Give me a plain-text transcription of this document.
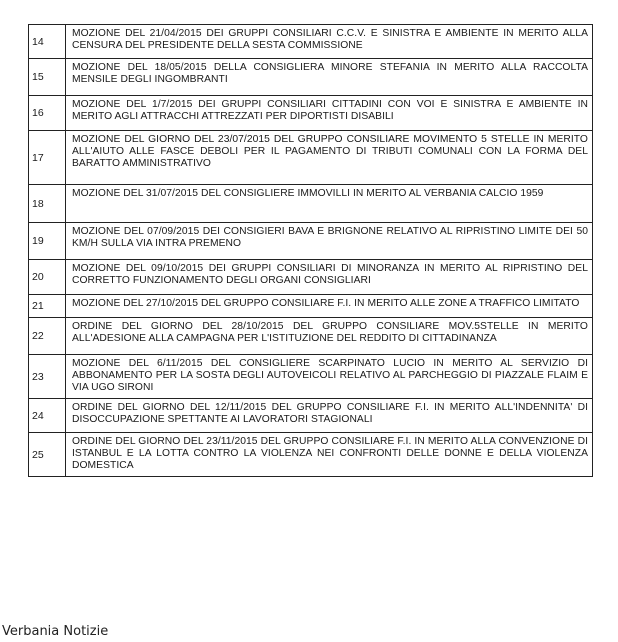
14	MOZIONE DEL 21/04/2015 DEI GRUPPI CONSILIARI C.C.V. E SINISTRA E AMBIENTE IN MERITO ALLA CENSURA DEL PRESIDENTE DELLA SESTA COMMISSIONE
15	MOZIONE DEL 18/05/2015 DELLA CONSIGLIERA MINORE STEFANIA IN MERITO ALLA RACCOLTA MENSILE DEGLI INGOMBRANTI
16	MOZIONE DEL 1/7/2015 DEI GRUPPI CONSILIARI CITTADINI CON VOI E SINISTRA E AMBIENTE IN MERITO AGLI ATTRACCHI ATTREZZATI PER DIPORTISTI DISABILI
17	MOZIONE DEL GIORNO DEL 23/07/2015 DEL GRUPPO CONSILIARE MOVIMENTO 5 STELLE IN MERITO ALL'AIUTO ALLE FASCE DEBOLI PER IL PAGAMENTO DI TRIBUTI COMUNALI CON LA FORMA DEL BARATTO AMMINISTRATIVO
18	MOZIONE DEL 31/07/2015 DEL CONSIGLIERE IMMOVILLI IN MERITO AL VERBANIA CALCIO 1959
19	MOZIONE DEL 07/09/2015 DEI CONSIGIERI BAVA E BRIGNONE RELATIVO AL RIPRISTINO LIMITE DEI 50 KM/H SULLA VIA INTRA PREMENO
20	MOZIONE DEL 09/10/2015 DEI GRUPPI CONSILIARI DI MINORANZA IN MERITO AL RIPRISTINO DEL CORRETTO FUNZIONAMENTO DEGLI ORGANI CONSIGLIARI
21	MOZIONE DEL 27/10/2015 DEL GRUPPO CONSILIARE F.I. IN MERITO ALLE ZONE A TRAFFICO LIMITATO
22	ORDINE DEL GIORNO DEL 28/10/2015 DEL GRUPPO CONSILIARE MOV.5STELLE IN MERITO ALL'ADESIONE ALLA CAMPAGNA PER L'ISTITUZIONE DEL REDDITO DI CITTADINANZA
23	MOZIONE DEL 6/11/2015 DEL CONSIGLIERE SCARPINATO LUCIO IN MERITO AL SERVIZIO DI ABBONAMENTO PER LA SOSTA DEGLI AUTOVEICOLI RELATIVO AL PARCHEGGIO DI PIAZZALE FLAIM E VIA UGO SIRONI
24	ORDINE DEL GIORNO DEL 12/11/2015 DEL GRUPPO CONSILIARE F.I. IN MERITO ALL'INDENNITA' DI DISOCCUPAZIONE SPETTANTE AI LAVORATORI STAGIONALI
25	ORDINE DEL GIORNO DEL 23/11/2015 DEL GRUPPO CONSILIARE F.I. IN MERITO ALLA CONVENZIONE DI ISTANBUL E LA LOTTA CONTRO LA VIOLENZA NEI CONFRONTI DELLE DONNE E DELLA VIOLENZA DOMESTICA
Verbania Notizie
